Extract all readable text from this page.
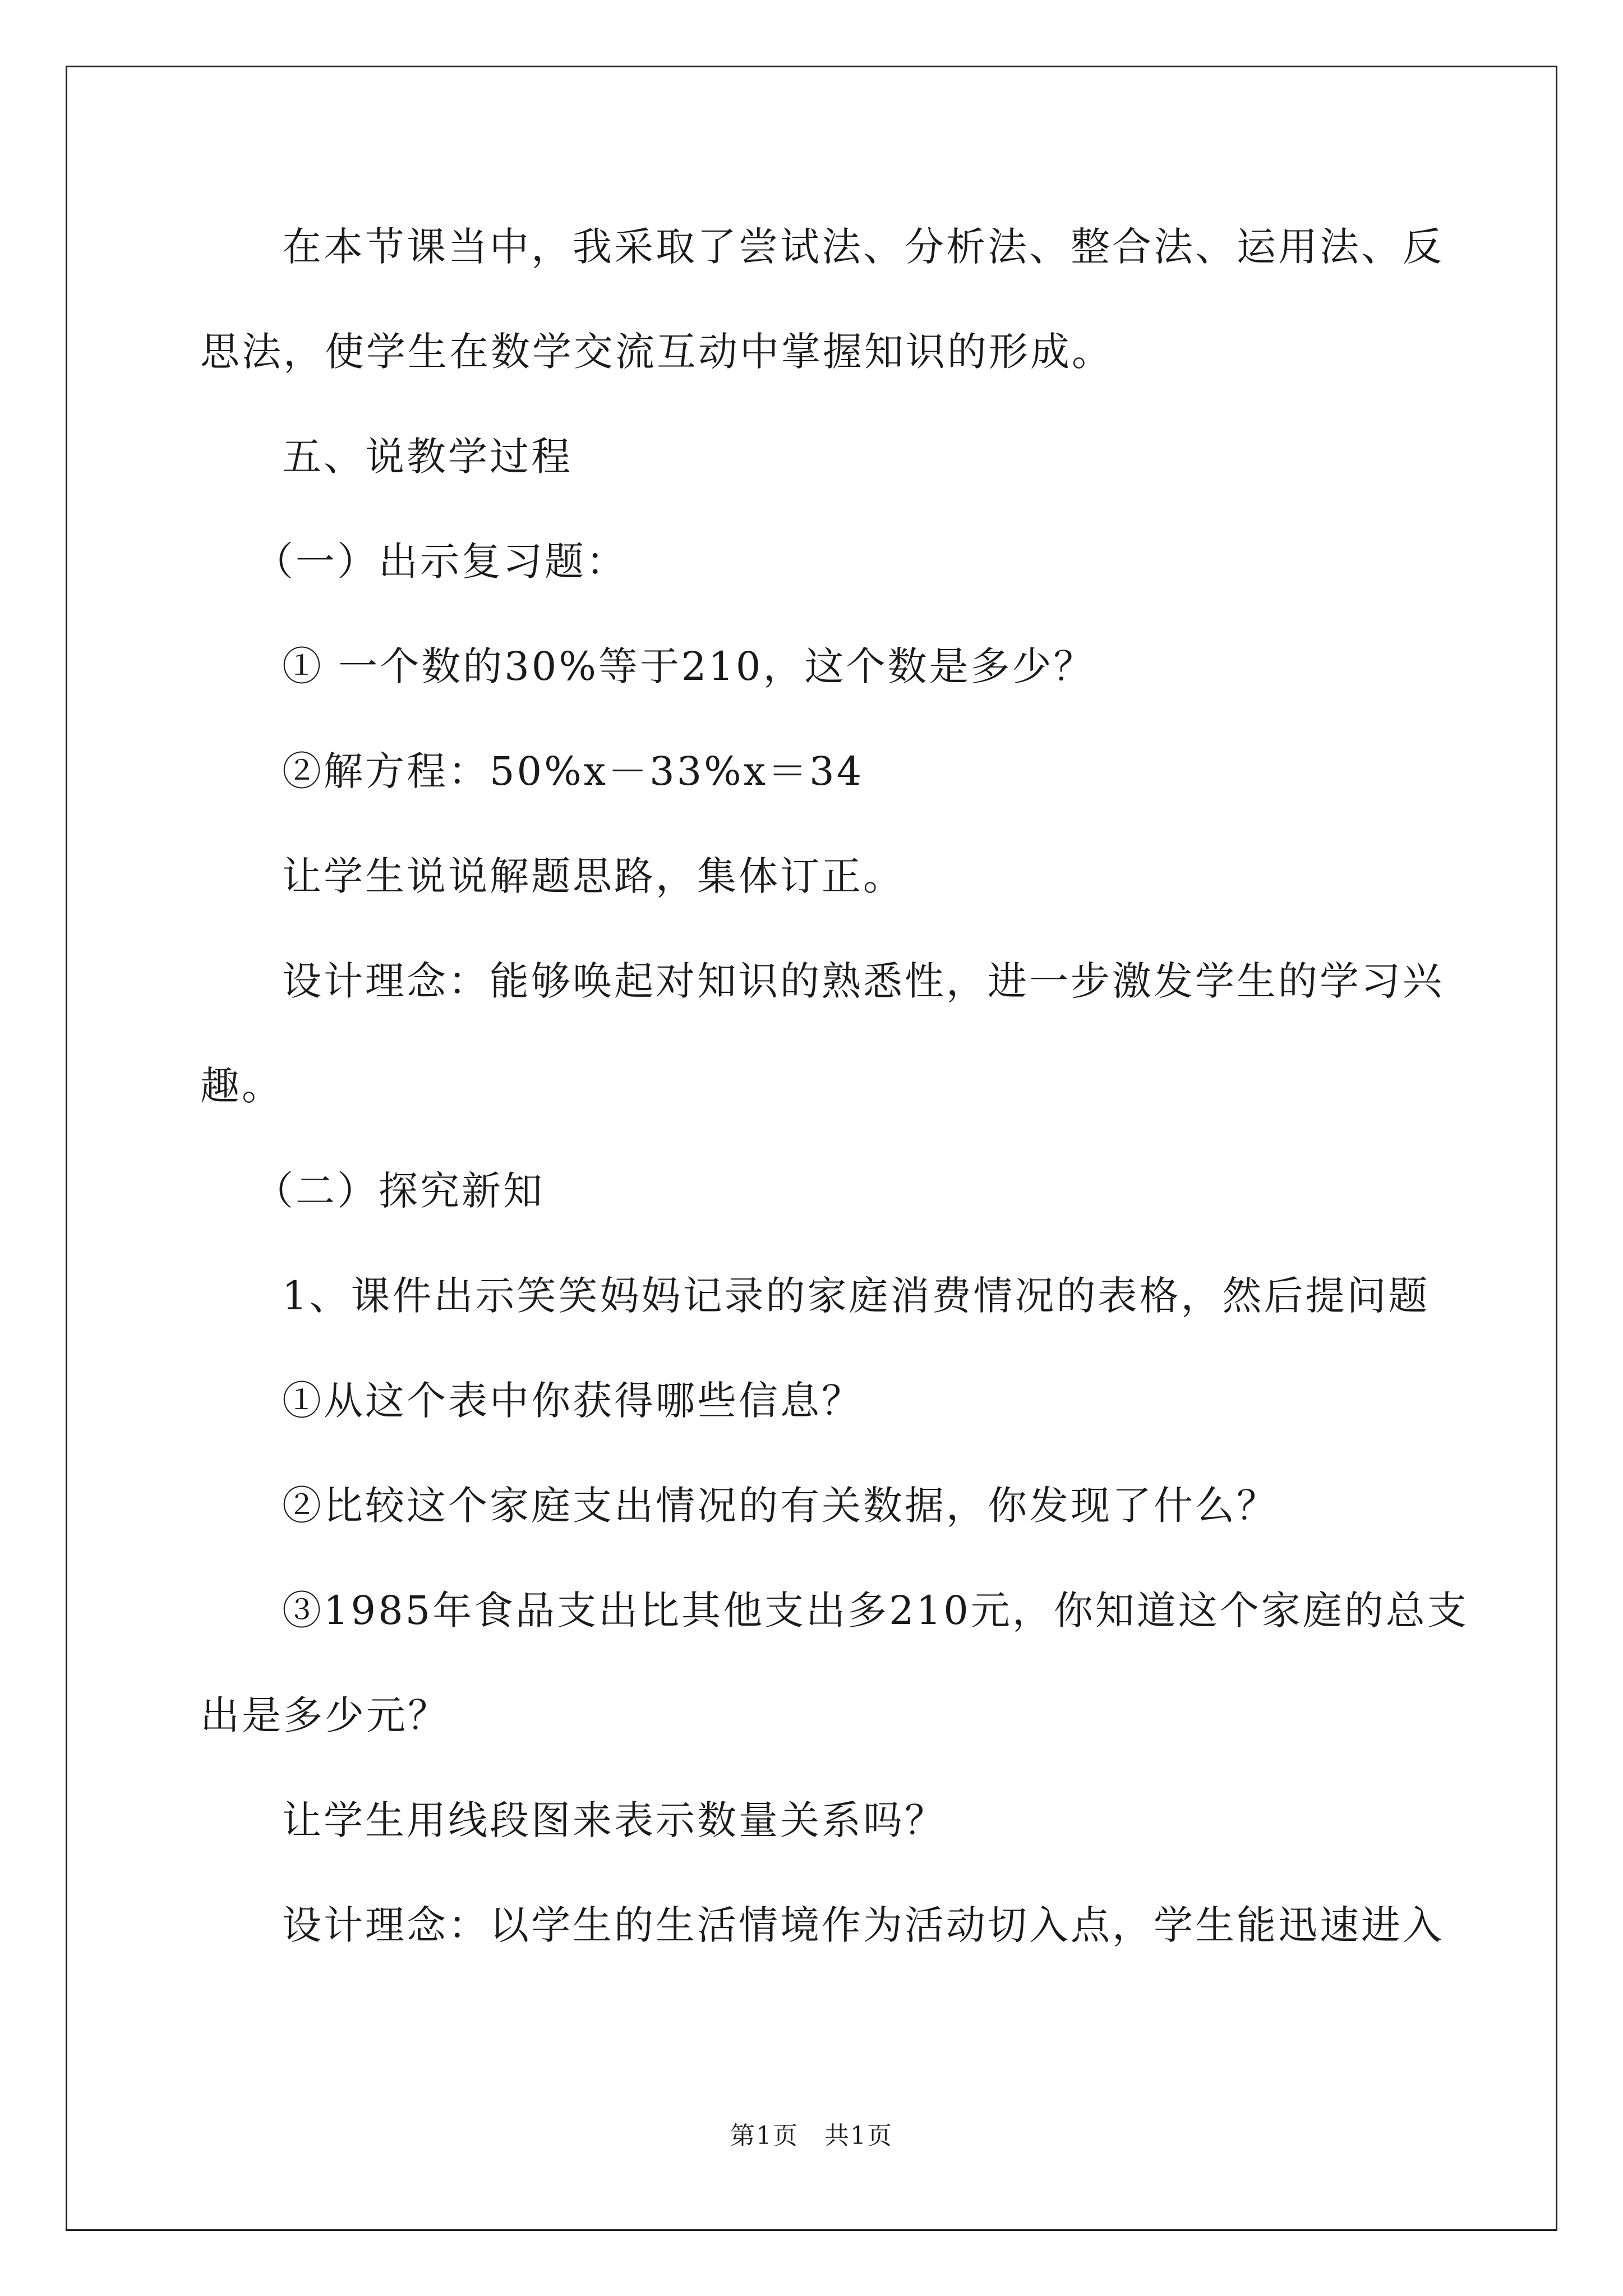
在本节课当中，我采取了尝试法、分析法、整合法、运用法、反
思法，使学生在数学交流互动中掌握知识的形成。
五、说教学过程
（一）出示复习题：
① 一个数的30%等于210，这个数是多少？
②解方程：50%x－33%x＝34
让学生说说解题思路，集体订正。
设计理念：能够唤起对知识的熟悉性，进一步激发学生的学习兴
趣。
（二）探究新知
1、课件出示笑笑妈妈记录的家庭消费情况的表格，然后提问题
①从这个表中你获得哪些信息？
②比较这个家庭支出情况的有关数据，你发现了什么？
③1985年食品支出比其他支出多210元，你知道这个家庭的总支
出是多少元？
让学生用线段图来表示数量关系吗？
设计理念：以学生的生活情境作为活动切入点，学生能迅速进入
第1页　共1页
